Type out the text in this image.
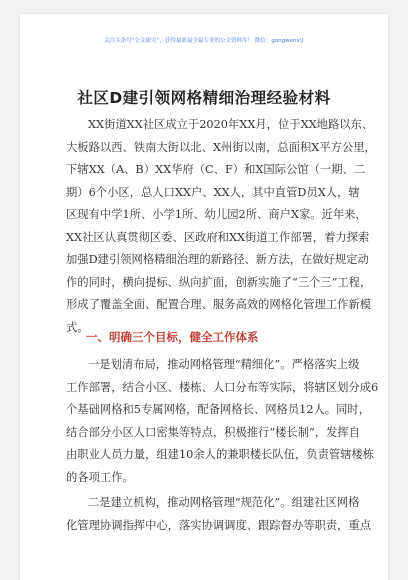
关注头条号“公文研究”，获得最新最全最专业的公文资料库！ 微信：gongwenx\)
社区D建引领网格精细治理经验材料
XX街道XX社区成立于2020年XX月，位于XX地路以东、
大板路以西、铁南大街以北、X州街以南，总面积X平方公里，
下辖XX（A、B）XX华府（C、F）和X国际公馆（一期、二
期）6个小区，总人口XX户、XX人，其中直管D员X人，辖
区现有中学1所、小学1所、幼儿园2所、商户X家。近年来，
XX社区认真贯彻区委、区政府和XX街道工作部署，着力探索
加强D建引领网格精细治理的新路径、新方法，在做好规定动
作的同时，横向提标、纵向扩面，创新实施了“三个三”工程，
形成了覆盖全面、配置合理、服务高效的网格化管理工作新模
式。
一、明确三个目标，健全工作体系
一是划清布局，推动网格管理“精细化”。严格落实上级
工作部署，结合小区、楼栋、人口分布等实际，将辖区划分成6
个基础网格和5专属网格，配备网格长、网格员12人。同时，
结合部分小区人口密集等特点，积极推行“楼长制”，发挥自
由职业人员力量，组建10余人的兼职楼长队伍，负责管辖楼栋
的各项工作。
二是建立机构，推动网格管理“规范化”。组建社区网格
化管理协调指挥中心，落实协调调度、跟踪督办等职责，重点
